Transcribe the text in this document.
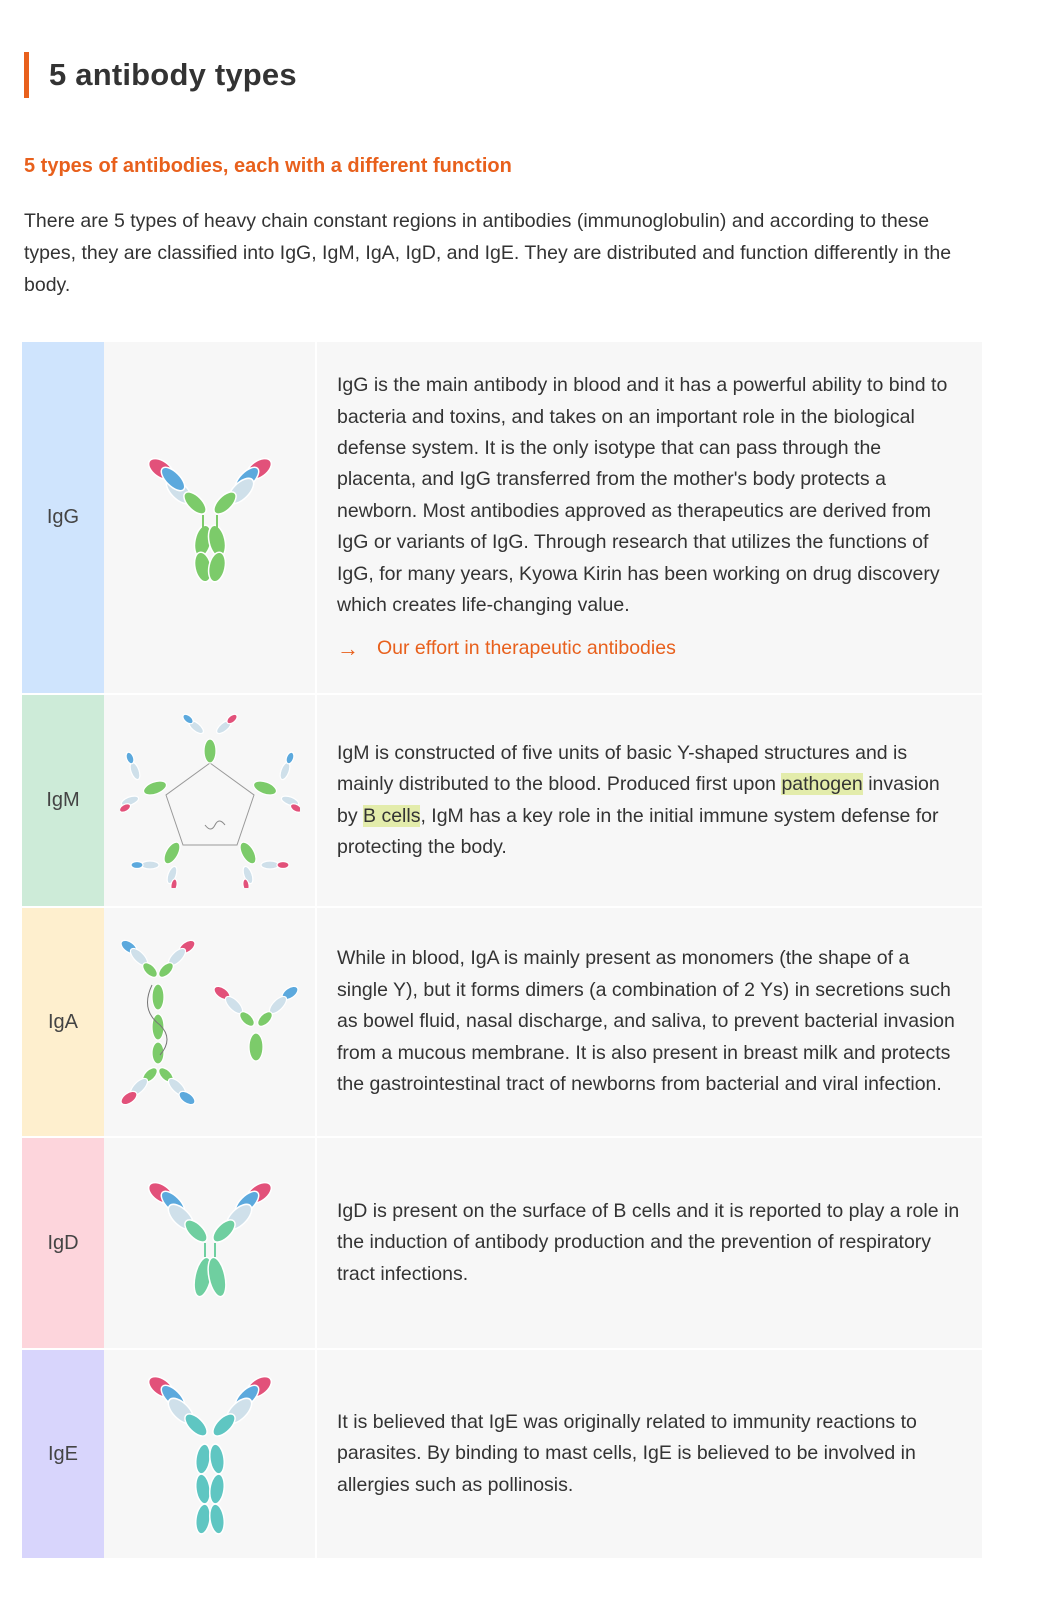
5 antibody types
5 types of antibodies, each with a different function
There are 5 types of heavy chain constant regions in antibodies (immunoglobulin) and according to these types, they are classified into IgG, IgM, IgA, IgD, and IgE. They are distributed and function differently in the body.
IgG		IgG is the main antibody in blood and it has a powerful ability to bind to bacteria and toxins, and takes on an important role in the biological defense system. It is the only isotype that can pass through the placenta, and IgG transferred from the mother's body protects a newborn. Most antibodies approved as therapeutics are derived from IgG or variants of IgG. Through research that utilizes the functions of IgG, for many years, Kyowa Kirin has been working on drug discovery which creates life-changing value.
→ Our effort in therapeutic antibodies

IgM		IgM is constructed of five units of basic Y-shaped structures and is mainly distributed to the blood. Produced first upon pathogen invasion by B cells, IgM has a key role in the initial immune system defense for protecting the body.

IgA		While in blood, IgA is mainly present as monomers (the shape of a single Y), but it forms dimers (a combination of 2 Ys) in secretions such as bowel fluid, nasal discharge, and saliva, to prevent bacterial invasion from a mucous membrane. It is also present in breast milk and protects the gastrointestinal tract of newborns from bacterial and viral infection.

IgD		IgD is present on the surface of B cells and it is reported to play a role in the induction of antibody production and the prevention of respiratory tract infections.

IgE		It is believed that IgE was originally related to immunity reactions to parasites. By binding to mast cells, IgE is believed to be involved in allergies such as pollinosis.
